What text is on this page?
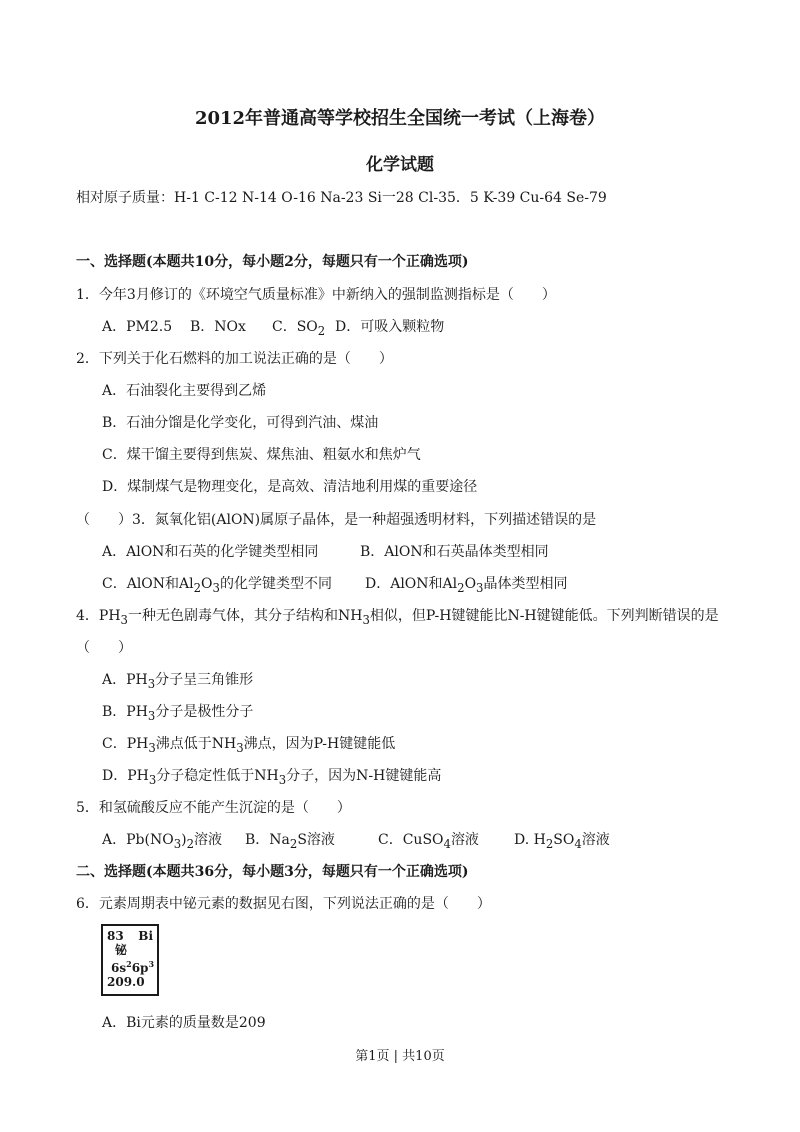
2012年普通高等学校招生全国统一考试（上海卷）
化学试题
相对原子质量：H-1 C-12 N-14 O-16 Na-23 Si一28 Cl-35．5 K-39 Cu-64 Se-79
一、选择题(本题共10分，每小题2分，每题只有一个正确选项)
1．今年3月修订的《环境空气质量标准》中新纳入的强制监测指标是（　　）
A．PM2.5 B．NOx C．$SO_2$ D．可吸入颗粒物
2．下列关于化石燃料的加工说法正确的是（　　）
A．石油裂化主要得到乙烯
B．石油分馏是化学变化，可得到汽油、煤油
C．煤干馏主要得到焦炭、煤焦油、粗氨水和焦炉气
D．煤制煤气是物理变化，是高效、清洁地利用煤的重要途径
（　　）3．氮氧化铝(AlON)属原子晶体，是一种超强透明材料，下列描述错误的是
A．AlON和石英的化学键类型相同	B．AlON和石英晶体类型相同
C．AlON和$Al_2O_3$的化学键类型不同 D．AlON和$Al_2O_3$晶体类型相同
4．$PH_3$一种无色剧毒气体，其分子结构和$NH_3$相似，但P-H键键能比N-H键键能低。下列判断错误的是
（　　）
A．$PH_3$分子呈三角锥形
B．$PH_3$分子是极性分子
C．$PH_3$沸点低于$NH_3$沸点，因为P-H键键能低
D．$PH_3$分子稳定性低于$NH_3$分子，因为N-H键键能高
5．和氢硫酸反应不能产生沉淀的是（　　）
A．$Pb(NO_3)_2$溶液 B．$Na_2S$溶液	C．CuSO$_4$溶液	D. $H_2SO_4$溶液
二、选择题(本题共36分，每小题3分，每题只有一个正确选项)
6．元素周期表中铋元素的数据见右图，下列说法正确的是（　　）
83 Bi
铋
$6s^26p^3$
209.0
A．Bi元素的质量数是209
第1页 | 共10页
